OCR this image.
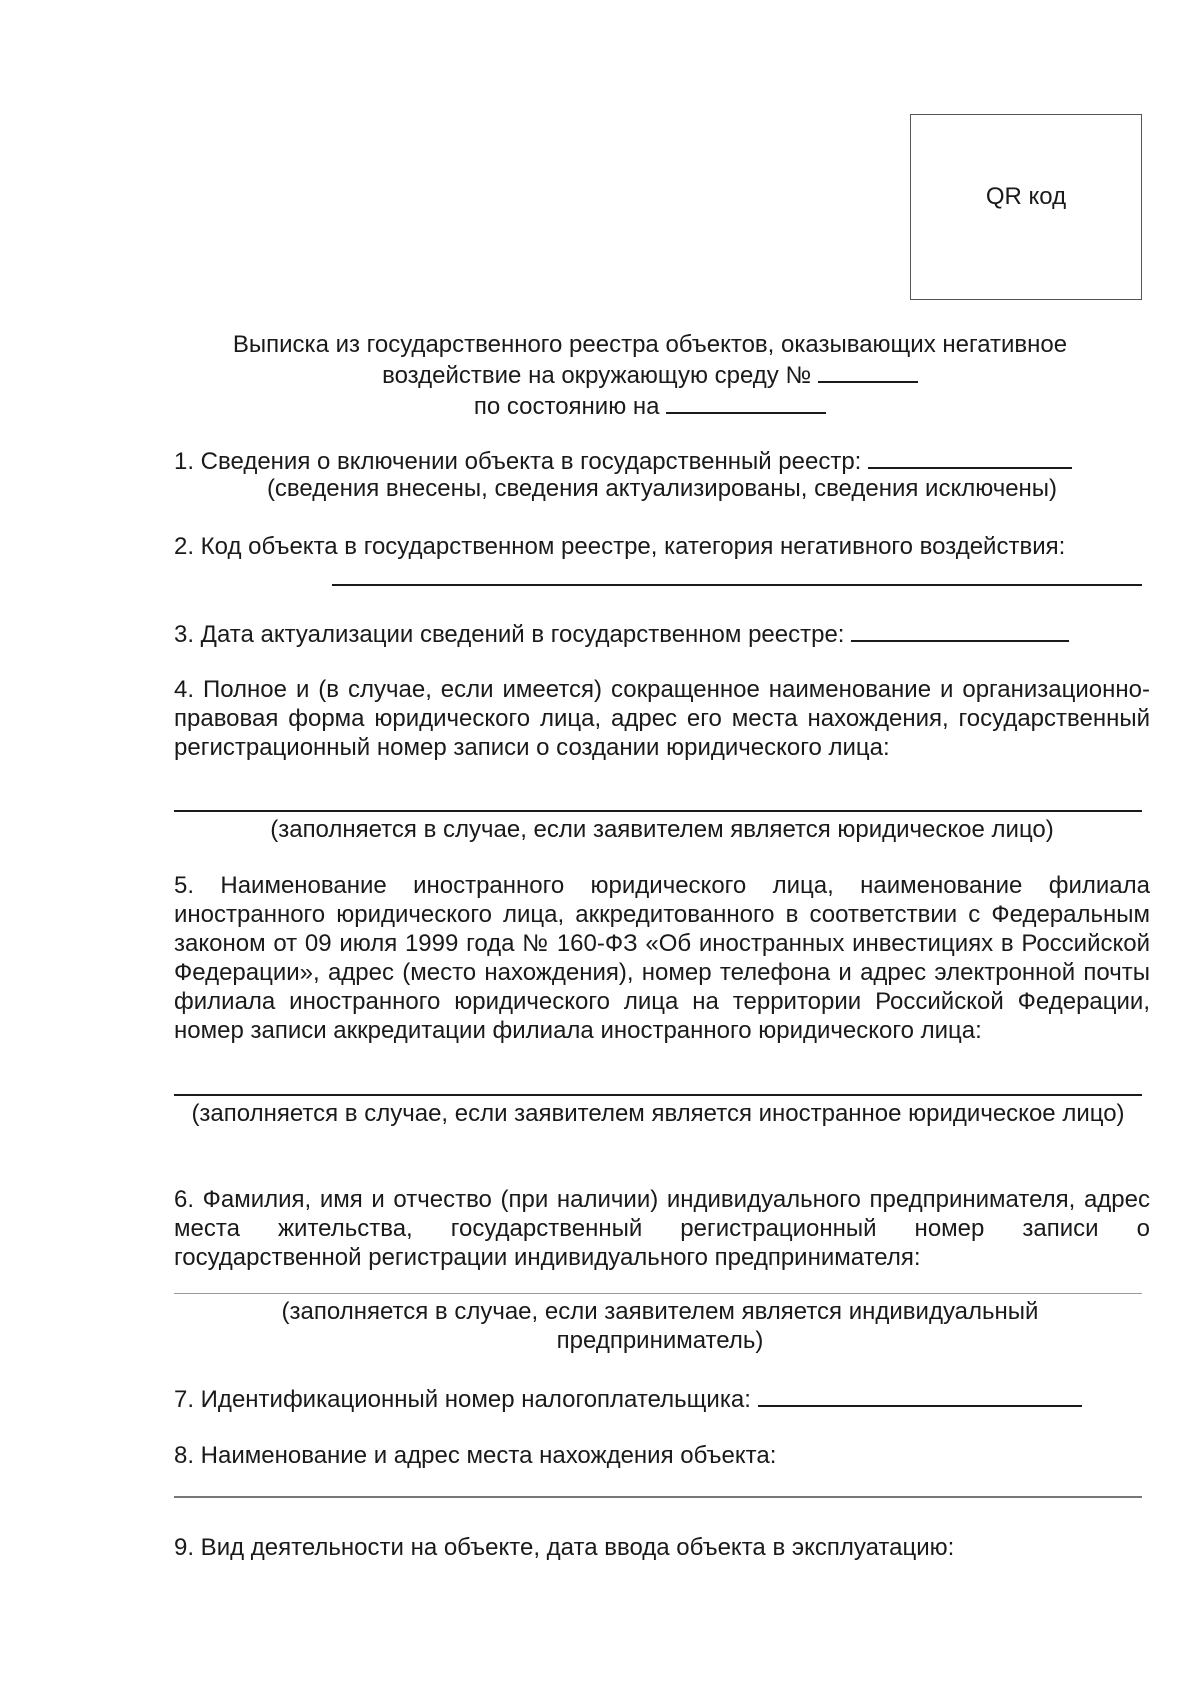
QR код
Выписка из государственного реестра объектов, оказывающих негативное
воздействие на окружающую среду №
по состоянию на
1. Сведения о включении объекта в государственный реестр:
(сведения внесены, сведения актуализированы, сведения исключены)
2. Код объекта в государственном реестре, категория негативного воздействия:
3. Дата актуализации сведений в государственном реестре:
4. Полное и (в случае, если имеется) сокращенное наименование и организационно-правовая форма юридического лица, адрес его места нахождения, государственный регистрационный номер записи о создании юридического лица:
(заполняется в случае, если заявителем является юридическое лицо)
5. Наименование иностранного юридического лица, наименование филиала иностранного юридического лица, аккредитованного в соответствии с Федеральным законом от 09 июля 1999 года № 160-ФЗ «Об иностранных инвестициях в Российской Федерации», адрес (место нахождения), номер телефона и адрес электронной почты филиала иностранного юридического лица на территории Российской Федерации, номер записи аккредитации филиала иностранного юридического лица:
(заполняется в случае, если заявителем является иностранное юридическое лицо)
6. Фамилия, имя и отчество (при наличии) индивидуального предпринимателя, адрес места жительства, государственный регистрационный номер записи о государственной регистрации индивидуального предпринимателя:
(заполняется в случае, если заявителем является индивидуальный предприниматель)
7. Идентификационный номер налогоплательщика:
8. Наименование и адрес места нахождения объекта:
9. Вид деятельности на объекте, дата ввода объекта в эксплуатацию:
